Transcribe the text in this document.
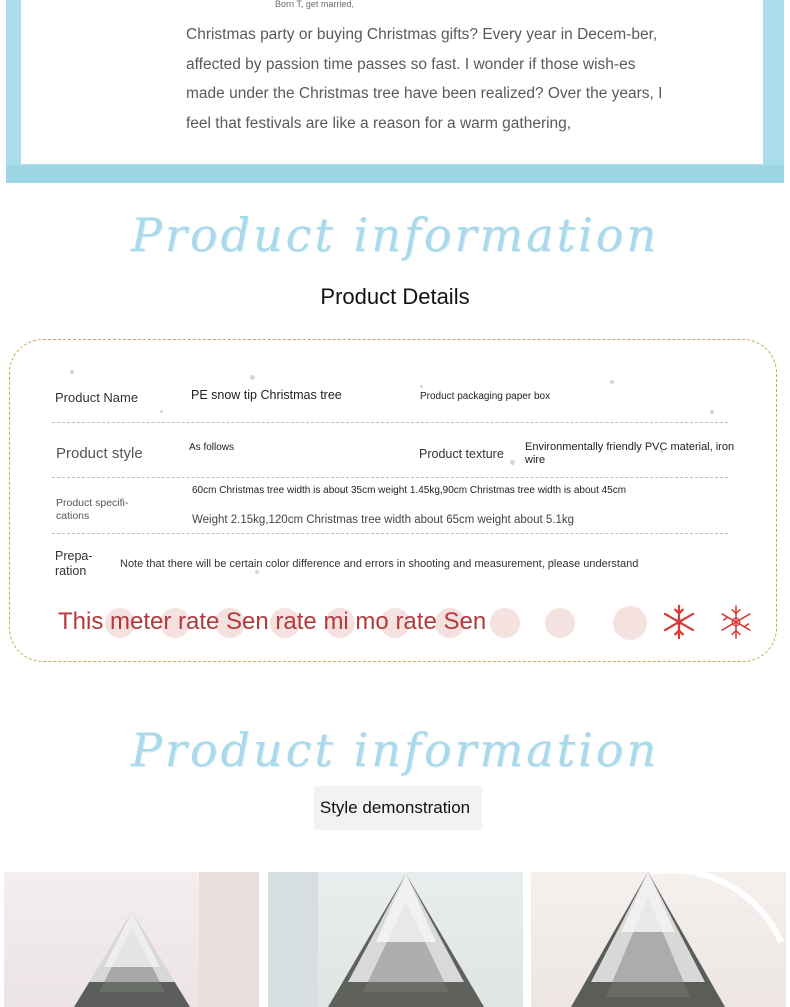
Born T, get married,

Christmas party or buying Christmas gifts? Every year in Decem-ber, affected by passion time passes so fast. I wonder if those wish-es made under the Christmas tree have been realized? Over the years, I feel that festivals are like a reason for a warm gathering,

Product information
Product Details
Product Name	PE snow tip Christmas tree	Product packaging paper box
Product style	As follows	Product texture Environmentally friendly PVC material, iron wire
Product specifi-cations
60cm Christmas tree width is about 35cm weight 1.45kg,90cm Christmas tree width is about 45cm
Weight 2.15kg,120cm Christmas tree width about 65cm weight about 5.1kg
Prepa-ration	Note that there will be certain color difference and errors in shooting and measurement, please understand
This meter rate Sen rate mi mo rate Sen
Product information
Style demonstration
